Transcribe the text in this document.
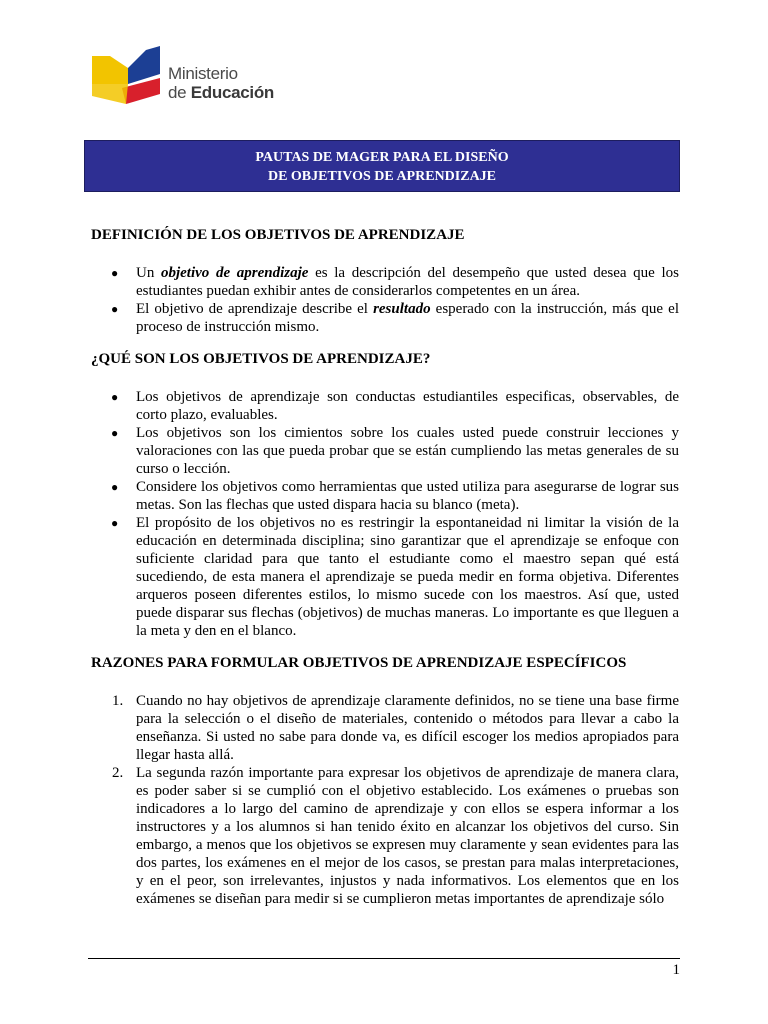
Ministerio
de Educación
PAUTAS DE MAGER PARA EL DISEÑO
DE OBJETIVOS DE APRENDIZAJE
DEFINICIÓN DE LOS OBJETIVOS DE APRENDIZAJE
● Un objetivo de aprendizaje es la descripción del desempeño que usted desea que los estudiantes puedan exhibir antes de considerarlos competentes en un área.
● El objetivo de aprendizaje describe el resultado esperado con la instrucción, más que el proceso de instrucción mismo.
¿QUÉ SON LOS OBJETIVOS DE APRENDIZAJE?
● Los objetivos de aprendizaje son conductas estudiantiles especificas, observables, de corto plazo, evaluables.
● Los objetivos son los cimientos sobre los cuales usted puede construir lecciones y valoraciones con las que pueda probar que se están cumpliendo las metas generales de su curso o lección.
● Considere los objetivos como herramientas que usted utiliza para asegurarse de lograr sus metas. Son las flechas que usted dispara hacia su blanco (meta).
● El propósito de los objetivos no es restringir la espontaneidad ni limitar la visión de la educación en determinada disciplina; sino garantizar que el aprendizaje se enfoque con suficiente claridad para que tanto el estudiante como el maestro sepan qué está sucediendo, de esta manera el aprendizaje se pueda medir en forma objetiva. Diferentes arqueros poseen diferentes estilos, lo mismo sucede con los maestros. Así que, usted puede disparar sus flechas (objetivos) de muchas maneras. Lo importante es que lleguen a la meta y den en el blanco.
RAZONES PARA FORMULAR OBJETIVOS DE APRENDIZAJE ESPECÍFICOS
1. Cuando no hay objetivos de aprendizaje claramente definidos, no se tiene una base firme para la selección o el diseño de materiales, contenido o métodos para llevar a cabo la enseñanza. Si usted no sabe para donde va, es difícil escoger los medios apropiados para llegar hasta allá.
2. La segunda razón importante para expresar los objetivos de aprendizaje de manera clara, es poder saber si se cumplió con el objetivo establecido. Los exámenes o pruebas son indicadores a lo largo del camino de aprendizaje y con ellos se espera informar a los instructores y a los alumnos si han tenido éxito en alcanzar los objetivos del curso. Sin embargo, a menos que los objetivos se expresen muy claramente y sean evidentes para las dos partes, los exámenes en el mejor de los casos, se prestan para malas interpretaciones, y en el peor, son irrelevantes, injustos y nada informativos. Los elementos que en los exámenes se diseñan para medir si se cumplieron metas importantes de aprendizaje sólo
1
